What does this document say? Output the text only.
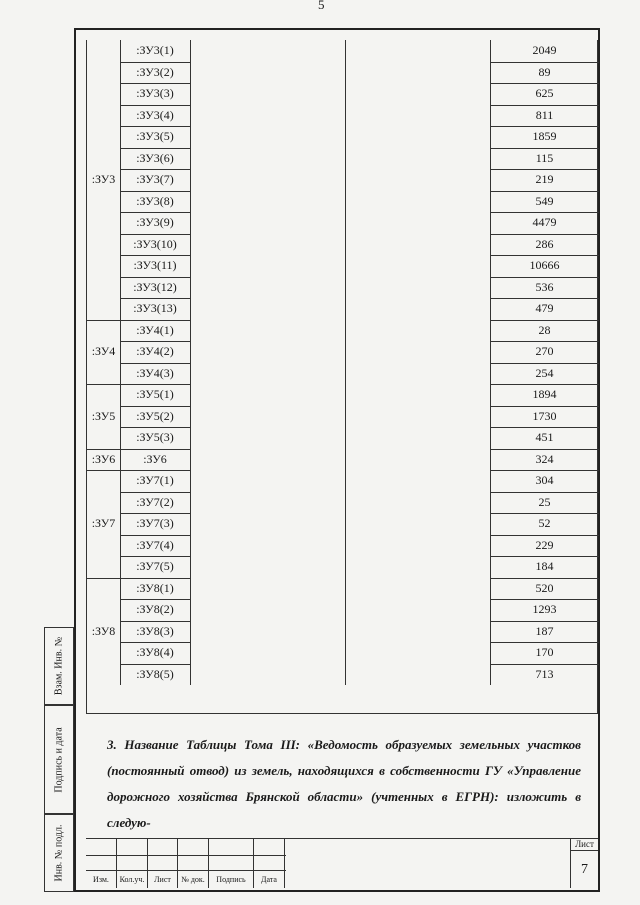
5
:ЗУ3
:ЗУ4
:ЗУ5
:ЗУ6
:ЗУ7
:ЗУ8
:ЗУ3(1)	2049
:ЗУ3(2)	89
:ЗУ3(3)	625
:ЗУ3(4)	811
:ЗУ3(5)	1859
:ЗУ3(6)	115
:ЗУ3(7)	219
:ЗУ3(8)	549
:ЗУ3(9)	4479
:ЗУ3(10)	286
:ЗУ3(11)	10666
:ЗУ3(12)	536
:ЗУ3(13)	479
:ЗУ4(1)	28
:ЗУ4(2)	270
:ЗУ4(3)	254
:ЗУ5(1)	1894
:ЗУ5(2)	1730
:ЗУ5(3)	451
:ЗУ6	324
:ЗУ7(1)	304
:ЗУ7(2)	25
:ЗУ7(3)	52
:ЗУ7(4)	229
:ЗУ7(5)	184
:ЗУ8(1)	520
:ЗУ8(2)	1293
:ЗУ8(3)	187
:ЗУ8(4)	170
:ЗУ8(5)	713
3. Название Таблицы Тома III: «Ведомость образуемых земельных участков (постоянный отвод) из земель, находящихся в собственности ГУ «Управление дорожного хозяйства Брянской области» (учтенных в ЕГРН): изложить в следую-
Изм.	Кол.уч.	Лист	№ док.	Подпись	Дата
Лист
7
Взам. Инв. №
Подпись и дата
Инв. № подл.
